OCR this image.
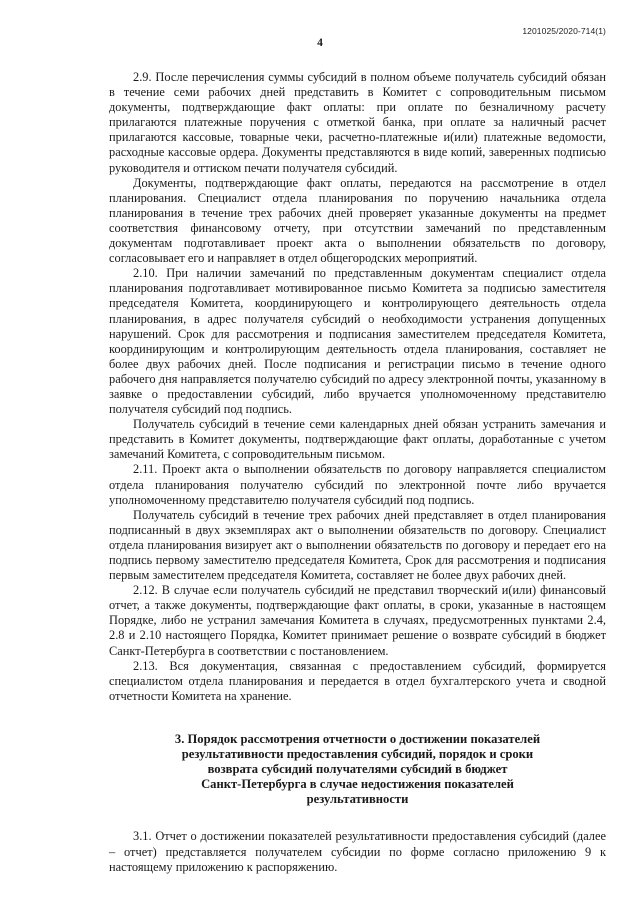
1201025/2020-714(1)
4

2.9. После перечисления суммы субсидий в полном объеме получатель субсидий обязан в течение семи рабочих дней представить в Комитет с сопроводительным письмом документы, подтверждающие факт оплаты: при оплате по безналичному расчету прилагаются платежные поручения с отметкой банка, при оплате за наличный расчет прилагаются кассовые, товарные чеки, расчетно-платежные и(или) платежные ведомости, расходные кассовые ордера. Документы представляются в виде копий, заверенных подписью руководителя и оттиском печати получателя субсидий.

Документы, подтверждающие факт оплаты, передаются на рассмотрение в отдел планирования. Специалист отдела планирования по поручению начальника отдела планирования в течение трех рабочих дней проверяет указанные документы на предмет соответствия финансовому отчету, при отсутствии замечаний по представленным документам подготавливает проект акта о выполнении обязательств по договору, согласовывает его и направляет в отдел общегородских мероприятий.

2.10. При наличии замечаний по представленным документам специалист отдела планирования подготавливает мотивированное письмо Комитета за подписью заместителя председателя Комитета, координирующего и контролирующего деятельность отдела планирования, в адрес получателя субсидий о необходимости устранения допущенных нарушений. Срок для рассмотрения и подписания заместителем председателя Комитета, координирующим и контролирующим деятельность отдела планирования, составляет не более двух рабочих дней. После подписания и регистрации письмо в течение одного рабочего дня направляется получателю субсидий по адресу электронной почты, указанному в заявке о предоставлении субсидий, либо вручается уполномоченному представителю получателя субсидий под подпись.

Получатель субсидий в течение семи календарных дней обязан устранить замечания и представить в Комитет документы, подтверждающие факт оплаты, доработанные с учетом замечаний Комитета, с сопроводительным письмом.

2.11. Проект акта о выполнении обязательств по договору направляется специалистом отдела планирования получателю субсидий по электронной почте либо вручается уполномоченному представителю получателя субсидий под подпись.

Получатель субсидий в течение трех рабочих дней представляет в отдел планирования подписанный в двух экземплярах акт о выполнении обязательств по договору. Специалист отдела планирования визирует акт о выполнении обязательств по договору и передает его на подпись первому заместителю председателя Комитета, Срок для рассмотрения и подписания первым заместителем председателя Комитета, составляет не более двух рабочих дней.

2.12. В случае если получатель субсидий не представил творческий и(или) финансовый отчет, а также документы, подтверждающие факт оплаты, в сроки, указанные в настоящем Порядке, либо не устранил замечания Комитета в случаях, предусмотренных пунктами 2.4, 2.8 и 2.10 настоящего Порядка, Комитет принимает решение о возврате субсидий в бюджет Санкт-Петербурга в соответствии с постановлением.

2.13. Вся документация, связанная с предоставлением субсидий, формируется специалистом отдела планирования и передается в отдел бухгалтерского учета и сводной отчетности Комитета на хранение.

3. Порядок рассмотрения отчетности о достижении показателей
результативности предоставления субсидий, порядок и сроки
возврата субсидий получателями субсидий в бюджет
Санкт-Петербурга в случае недостижения показателей
результативности

3.1. Отчет о достижении показателей результативности предоставления субсидий (далее – отчет) представляется получателем субсидии по форме согласно приложению 9 к настоящему приложению к распоряжению.
